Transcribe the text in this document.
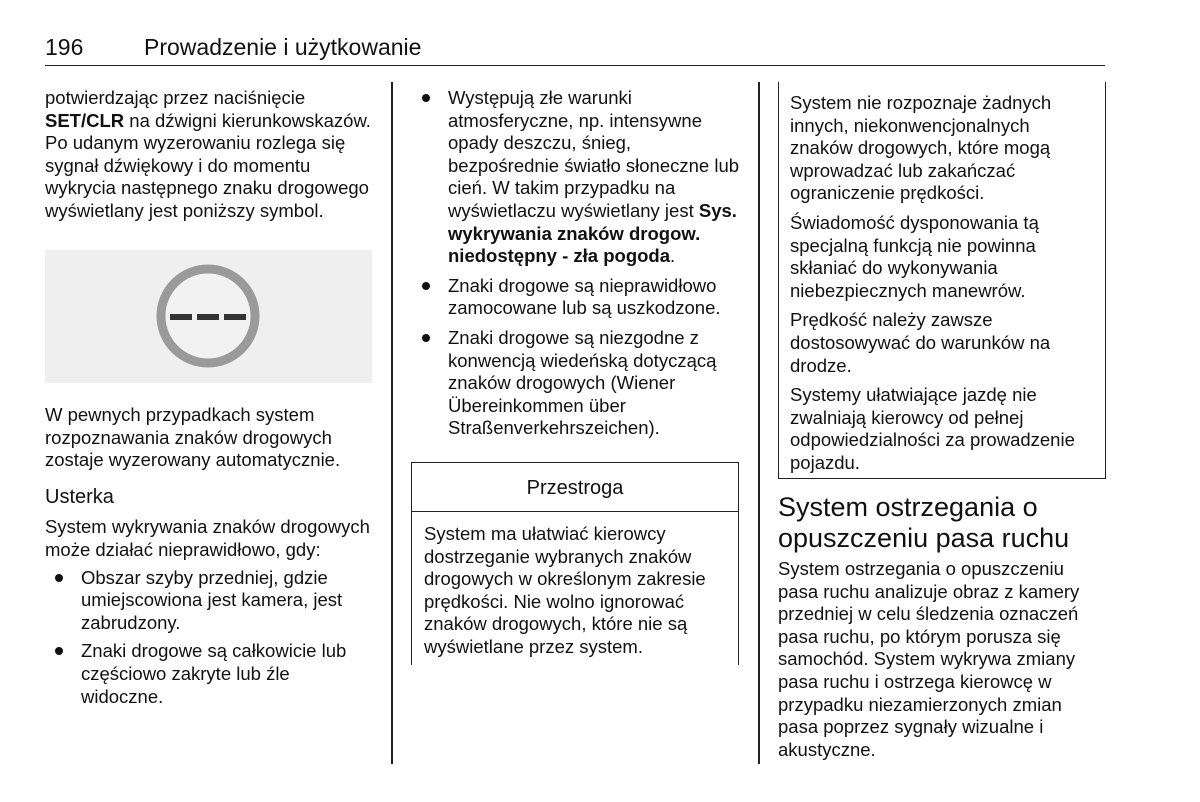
196	Prowadzenie i użytkowanie

potwierdzając przez naciśnięcie SET/CLR na dźwigni kierunkowskazów. Po udanym wyzerowaniu rozlega się sygnał dźwiękowy i do momentu wykrycia następnego znaku drogowego wyświetlany jest poniższy symbol.

W pewnych przypadkach system rozpoznawania znaków drogowych zostaje wyzerowany automatycznie.

Usterka

System wykrywania znaków drogowych może działać nieprawidłowo, gdy:

Obszar szyby przedniej, gdzie umiejscowiona jest kamera, jest zabrudzony.
Znaki drogowe są całkowicie lub częściowo zakryte lub źle widoczne.
Występują złe warunki atmosferyczne, np. intensywne opady deszczu, śnieg, bezpośrednie światło słoneczne lub cień. W takim przypadku na wyświetlaczu wyświetlany jest Sys. wykrywania znaków drogow. niedostępny - zła pogoda.
Znaki drogowe są nieprawidłowo zamocowane lub są uszkodzone.
Znaki drogowe są niezgodne z konwencją wiedeńską dotyczącą znaków drogowych (Wiener Übereinkommen über Straßenverkehrszeichen).
Przestroga

System ma ułatwiać kierowcy dostrzeganie wybranych znaków drogowych w określonym zakresie prędkości. Nie wolno ignorować znaków drogowych, które nie są wyświetlane przez system.

System nie rozpoznaje żadnych innych, niekonwencjonalnych znaków drogowych, które mogą wprowadzać lub zakańczać ograniczenie prędkości.

Świadomość dysponowania tą specjalną funkcją nie powinna skłaniać do wykonywania niebezpiecznych manewrów.

Prędkość należy zawsze dostosowywać do warunków na drodze.

Systemy ułatwiające jazdę nie zwalniają kierowcy od pełnej odpowiedzialności za prowadzenie pojazdu.

System ostrzegania o opuszczeniu pasa ruchu

System ostrzegania o opuszczeniu pasa ruchu analizuje obraz z kamery przedniej w celu śledzenia oznaczeń pasa ruchu, po którym porusza się samochód. System wykrywa zmiany pasa ruchu i ostrzega kierowcę w przypadku niezamierzonych zmian pasa poprzez sygnały wizualne i akustyczne.
